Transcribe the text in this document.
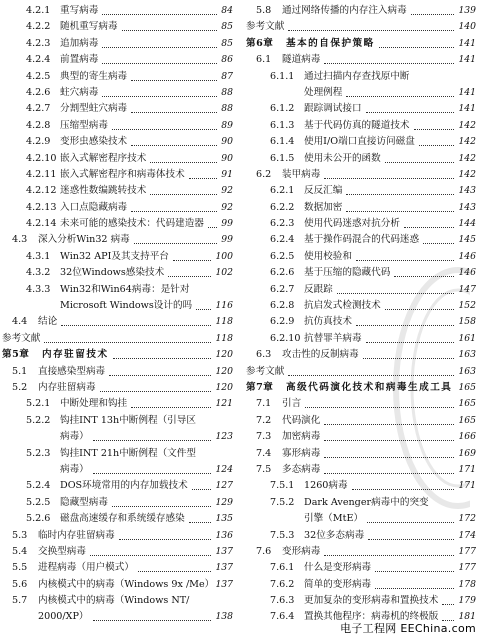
4.2.1 重写病毒	84
4.2.2 随机重写病毒	85
4.2.3 追加病毒	85
4.2.4 前置病毒	86
4.2.5 典型的寄生病毒	87
4.2.6 蛀穴病毒	88
4.2.7 分割型蛀穴病毒	88
4.2.8 压缩型病毒	89
4.2.9 变形虫感染技术	90
4.2.10 嵌入式解密程序技术	90
4.2.11 嵌入式解密程序和病毒体技术	91
4.2.12 迷惑性数编跳转技术	92
4.2.13 入口点隐藏病毒	92
4.2.14 未来可能的感染技术：代码建造器 99
4.3 深入分析Win32 病毒	99
4.3.1 Win32 API及其支持平台	100
4.3.2 32位Windows感染技术	102
4.3.3 Win32和Win64病毒：是针对
Microsoft Windows设计的吗	116
4.4 结论	118
参考文献	118
第5章 内存驻留技术	120
5.1 直接感染型病毒	120
5.2 内存驻留病毒	120
5.2.1 中断处理和钩挂	121
5.2.2 钩挂INT 13h中断例程（引导区
病毒）	123
5.2.3 钩挂INT 21h中断例程（文件型
病毒）	124
5.2.4 DOS环境常用的内存加载技术	127
5.2.5 隐藏型病毒	129
5.2.6 磁盘高速缓存和系统缓存感染	135
5.3 临时内存驻留病毒	136
5.4 交换型病毒	137
5.5 进程病毒（用户模式）	137
5.6 内核模式中的病毒（Windows 9x /Me） 137
5.7 内核模式中的病毒（Windows NT/
2000/XP）	138
5.8 通过网络传播的内存注入病毒	139
参考文献	140
第6章 基本的自保护策略	141
6.1 隧道病毒	141
6.1.1 通过扫描内存查找原中断
处理例程	141
6.1.2 跟踪调试接口	141
6.1.3 基于代码仿真的隧道技术	142
6.1.4 使用I/O端口直接访问磁盘	142
6.1.5 使用未公开的函数	142
6.2 装甲病毒	142
6.2.1 反反汇编	143
6.2.2 数据加密	143
6.2.3 使用代码迷惑对抗分析	144
6.2.4 基于操作码混合的代码迷惑	145
6.2.5 使用校验和	146
6.2.6 基于压缩的隐藏代码	146
6.2.7 反跟踪	147
6.2.8 抗启发式检测技术	152
6.2.9 抗仿真技术	158
6.2.10 抗替罪羊病毒	161
6.3 攻击性的反制病毒	163
参考文献	163
第7章 高级代码演化技术和病毒生成工具 165
7.1 引言	165
7.2 代码演化	165
7.3 加密病毒	166
7.4 寡形病毒	169
7.5 多态病毒	171
7.5.1 1260病毒	171
7.5.2 Dark Avenger病毒中的突变
引擎（MtE）	172
7.5.3 32位多态病毒	174
7.6 变形病毒	177
7.6.1 什么是变形病毒	177
7.6.2 简单的变形病毒	178
7.6.3 更加复杂的变形病毒和置换技术 179
7.6.4 置换其他程序：病毒机的终极版 181
电子工程网 EEChina.com
